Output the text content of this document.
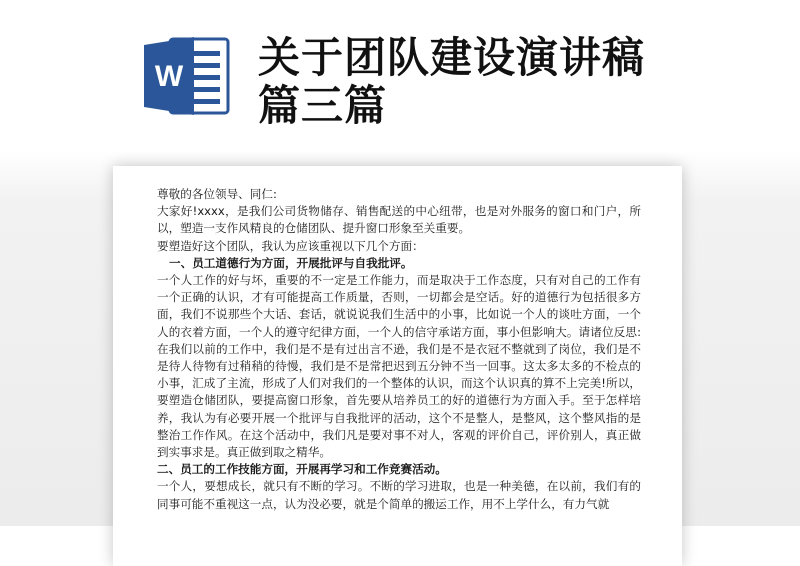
W 关于团队建设演讲稿
篇三篇

尊敬的各位领导、同仁:

大家好!xxxx，是我们公司货物储存、销售配送的中心纽带，也是对外服务的窗口和门户，所以，塑造一支作风精良的仓储团队、提升窗口形象至关重要。

要塑造好这个团队，我认为应该重视以下几个方面：

一、员工道德行为方面，开展批评与自我批评。

一个人工作的好与坏，重要的不一定是工作能力，而是取决于工作态度，只有对自己的工作有一个正确的认识，才有可能提高工作质量，否则，一切都会是空话。好的道德行为包括很多方面，我们不说那些个大话、套话，就说说我们生活中的小事，比如说一个人的谈吐方面，一个人的衣着方面，一个人的遵守纪律方面，一个人的信守承诺方面，事小但影响大。请诸位反思: 在我们以前的工作中，我们是不是有过出言不逊，我们是不是衣冠不整就到了岗位，我们是不是待人待物有过稍稍的待慢，我们是不是常把迟到五分钟不当一回事。这太多太多的不检点的小事，汇成了主流，形成了人们对我们的一个整体的认识，而这个认识真的算不上完美!所以，要塑造仓储团队，要提高窗口形象，首先要从培养员工的好的道德行为方面入手。至于怎样培养，我认为有必要开展一个批评与自我批评的活动，这个不是整人，是整风，这个整风指的是整治工作作风。在这个活动中，我们凡是要对事不对人，客观的评价自己，评价别人，真正做到实事求是。真正做到取之精华。

二、员工的工作技能方面，开展再学习和工作竞赛活动。

一个人，要想成长，就只有不断的学习。不断的学习进取，也是一种美德，在以前，我们有的同事可能不重视这一点，认为没必要，就是个简单的搬运工作，用不上学什么，有力气就
